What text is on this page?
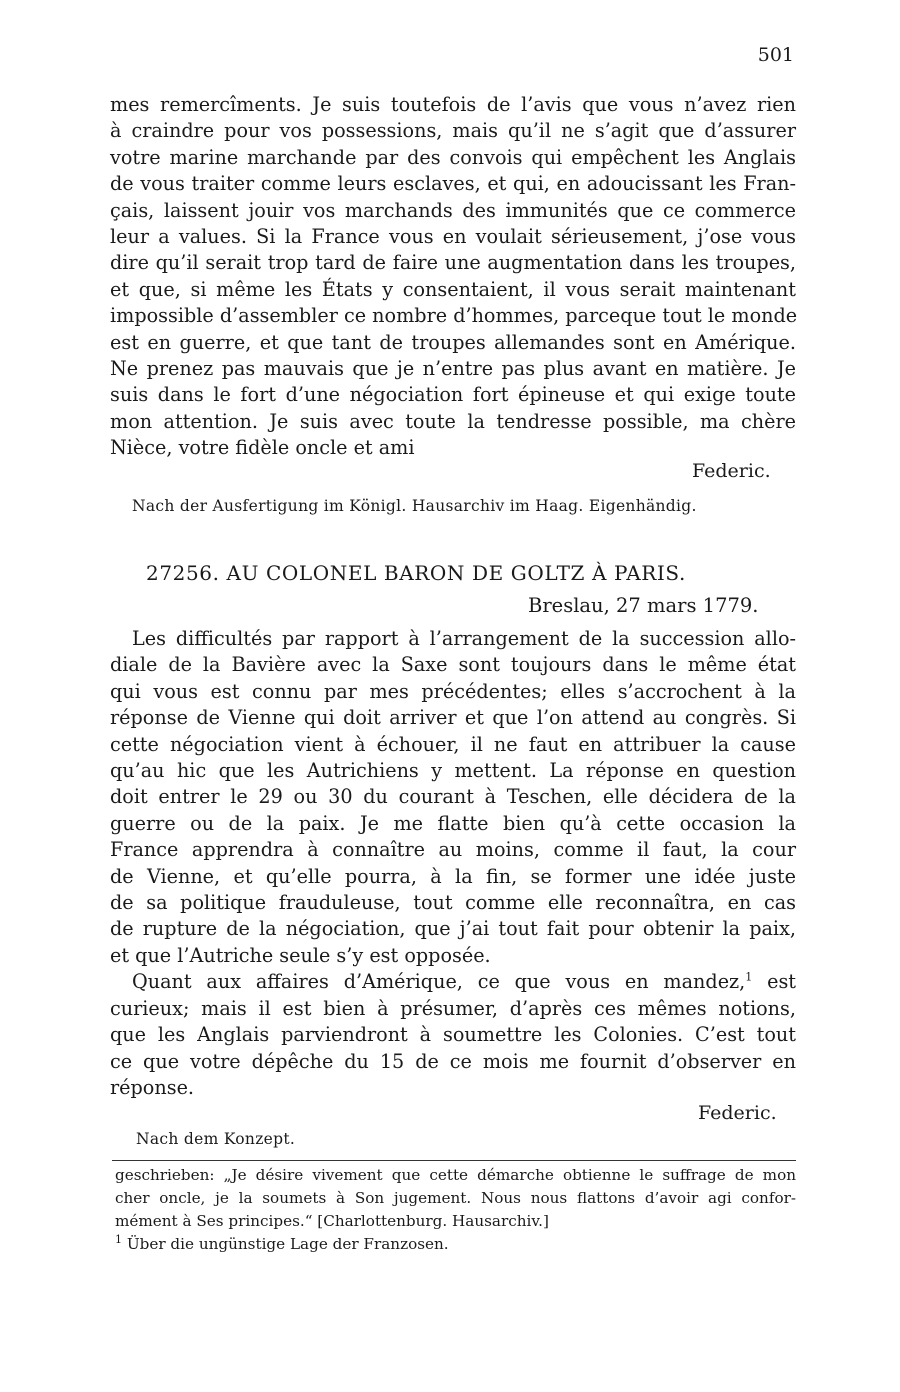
501
mes remercîments. Je suis toutefois de l’avis que vous n’avez rien
à craindre pour vos possessions, mais qu’il ne s’agit que d’assurer
votre marine marchande par des convois qui empêchent les Anglais
de vous traiter comme leurs esclaves, et qui, en adoucissant les Fran-
çais, laissent jouir vos marchands des immunités que ce commerce
leur a values. Si la France vous en voulait sérieusement, j’ose vous
dire qu’il serait trop tard de faire une augmentation dans les troupes,
et que, si même les États y consentaient, il vous serait maintenant
impossible d’assembler ce nombre d’hommes, parceque tout le monde
est en guerre, et que tant de troupes allemandes sont en Amérique.
Ne prenez pas mauvais que je n’entre pas plus avant en matière. Je
suis dans le fort d’une négociation fort épineuse et qui exige toute
mon attention. Je suis avec toute la tendresse possible, ma chère
Nièce, votre fidèle oncle et ami
Federic.
Nach der Ausfertigung im Königl. Hausarchiv im Haag. Eigenhändig.
27256. AU COLONEL BARON DE GOLTZ À PARIS.
Breslau, 27 mars 1779.
Les difficultés par rapport à l’arrangement de la succession allo-
diale de la Bavière avec la Saxe sont toujours dans le même état
qui vous est connu par mes précédentes; elles s’accrochent à la
réponse de Vienne qui doit arriver et que l’on attend au congrès. Si
cette négociation vient à échouer, il ne faut en attribuer la cause
qu’au hic que les Autrichiens y mettent. La réponse en question
doit entrer le 29 ou 30 du courant à Teschen, elle décidera de la
guerre ou de la paix. Je me flatte bien qu’à cette occasion la
France apprendra à connaître au moins, comme il faut, la cour
de Vienne, et qu’elle pourra, à la fin, se former une idée juste
de sa politique frauduleuse, tout comme elle reconnaîtra, en cas
de rupture de la négociation, que j’ai tout fait pour obtenir la paix,
et que l’Autriche seule s’y est opposée.
Quant aux affaires d’Amérique, ce que vous en mandez,$^1$ est
curieux; mais il est bien à présumer, d’après ces mêmes notions,
que les Anglais parviendront à soumettre les Colonies. C’est tout
ce que votre dépêche du 15 de ce mois me fournit d’observer en
réponse.
Federic.
Nach dem Konzept.
geschrieben: „Je désire vivement que cette démarche obtienne le suffrage de mon
cher oncle, je la soumets à Son jugement. Nous nous flattons d’avoir agi confor-
mément à Ses principes.“ [Charlottenburg. Hausarchiv.]
$^1$ Über die ungünstige Lage der Franzosen.
